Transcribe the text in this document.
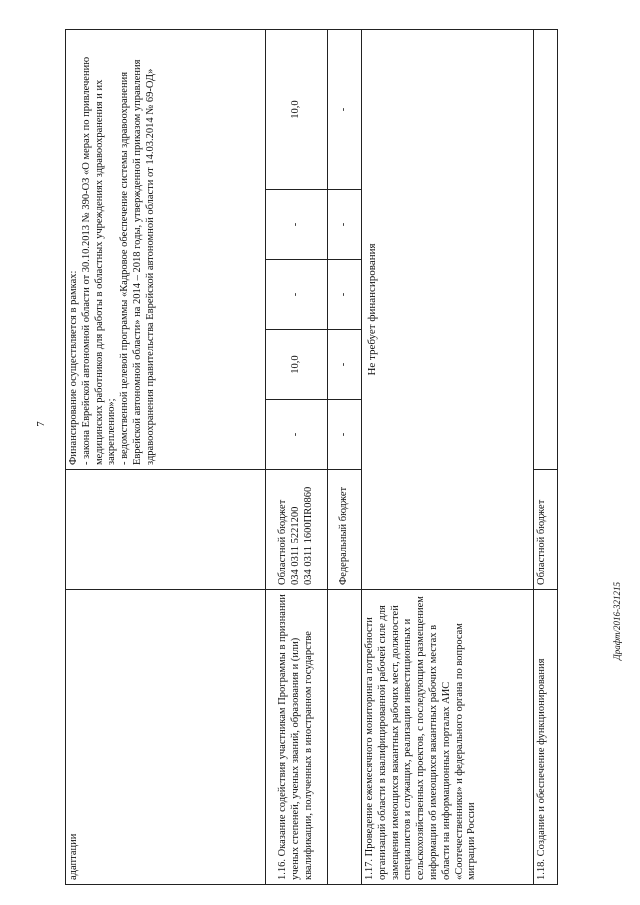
7
Драфт/2016-321215
адаптации		Финансирование осуществляется в рамках:
- закона Еврейской автономной области от 30.10.2013 № 390-ОЗ «О мерах по привлечению медицинских работников для работы в областных учреждениях здравоохранения и их закреплению»;
- ведомственной целевой программы «Кадровое обеспечение системы здравоохранения Еврейской автономной области» на 2014 – 2018 годы, утвержденной приказом управления здравоохранения правительства Еврейской автономной области от 14.03.2014 № 69-ОД»				
1.16. Оказание содействия участникам Программы в признании ученых степеней, ученых званий, образования и (или) квалификации, полученных в иностранном государстве	Областной бюджет
034 0311 5221200
034 0311 1600ПR0860	-	10,0	-	-	10,0
	Федеральный бюджет	-	-	-	-	-
1.17. Проведение ежемесячного мониторинга потребности организаций области в квалифицированной рабочей силе для замещения имеющихся вакантных рабочих мест, должностей специалистов и служащих, реализации инвестиционных и сельскохозяйственных проектов, с последующим размещением информации об имеющихся вакантных рабочих местах в области на информационных порталах АИС «Соотечественники» и федерального органа по вопросам миграции России	Не требует финансирования					
1.18. Создание и обеспечение функционирования	Областной бюджет					
